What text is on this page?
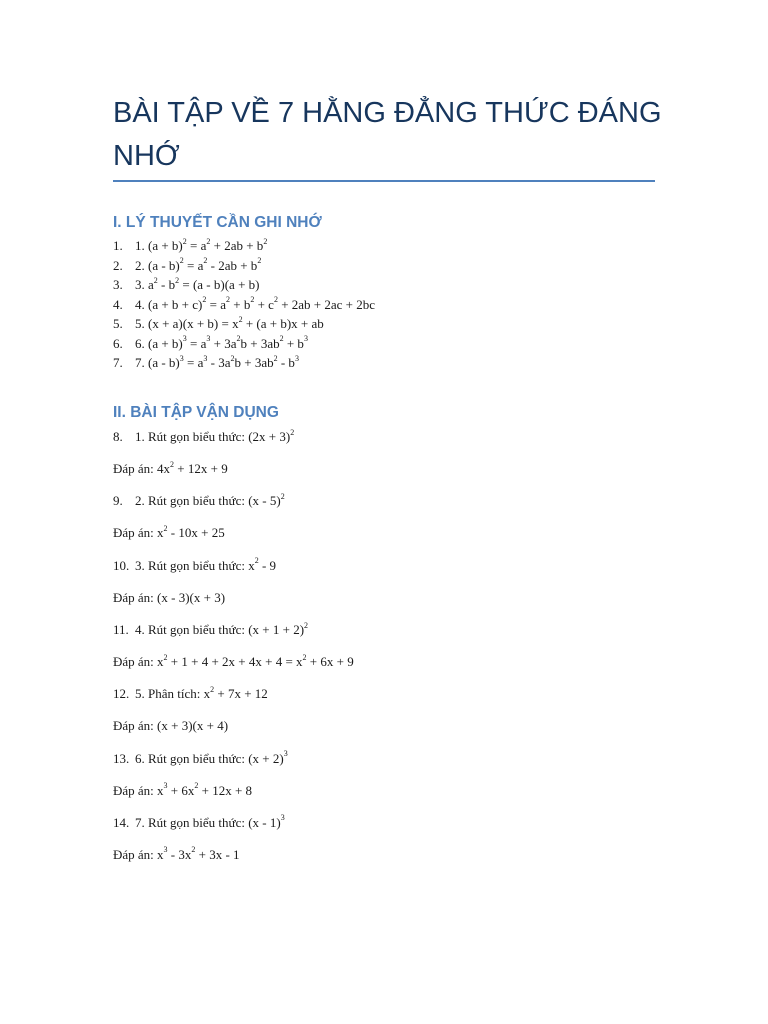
BÀI TẬP VỀ 7 HẰNG ĐẲNG THỨC ĐÁNG NHỚ
I. LÝ THUYẾT CẦN GHI NHỚ
1. 1. $(a + b)^2 = a^2 + 2ab + b^2$
2. 2. $(a - b)^2 = a^2 - 2ab + b^2$
3. 3. $a^2 - b^2 = (a - b)(a + b)$
4. 4. $(a + b + c)^2 = a^2 + b^2 + c^2 + 2ab + 2ac + 2bc$
5. 5. $(x + a)(x + b) = x^2 + (a + b)x$ + ab
6. 6. $(a + b)^3 = a^3 + 3a^2b + 3ab^2 + b^3$
7. 7. $(a - b)^3 = a^3 - 3a^2b + 3ab^2 - b^3$
II. BÀI TẬP VẬN DỤNG
8. 1. Rút gọn biểu thức: $(2x + 3)^2$
Đáp án: $4x^2 + 12x + 9$
9. 2. Rút gọn biểu thức: (x - 5)$^2$
Đáp án: $x^2 - 10x + 25$
10. 3. Rút gọn biểu thức: $x^2 - 9$
Đáp án: (x - 3)(x + 3)
11. 4. Rút gọn biểu thức: $(x + 1 + 2)^2$
Đáp án: $x^2 + 1 + 4 + 2x + 4x + 4 = x^2 + 6x + 9$
12. 5. Phân tích: $x^2 + 7x + 12$
Đáp án: (x + 3)(x + 4)
13. 6. Rút gọn biểu thức: $(x + 2)^3$
Đáp án: $x^3 + 6x^2 + 12x + 8$
14. 7. Rút gọn biểu thức: (x - 1)$^3$
Đáp án: $x^3 - 3x^2 + 3x - 1$
